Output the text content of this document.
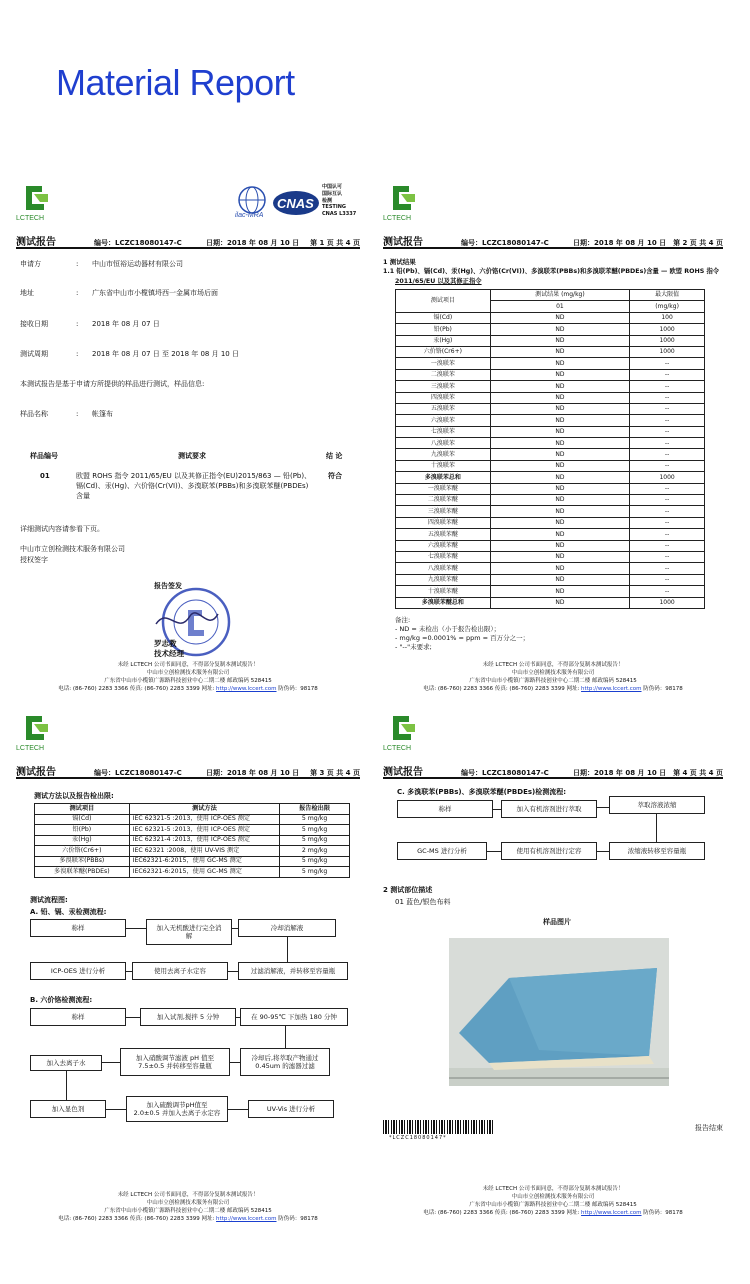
Material Report
LCTECH	ilac-MRA
CNAS
中国认可
国际互认
检测
TESTING
CNAS L3337
测试报告	编号：LCZC18080147-C	日期：2018 年 08 月 10 日 第 1 页 共 4 页
申请方	: 中山市恒裕运动器材有限公司
地址	: 广东省中山市小榄镇埒西一金属市场后面
接收日期	: 2018 年 08 月 07 日
测试周期	: 2018 年 08 月 07 日 至 2018 年 08 月 10 日
本测试报告是基于申请方所提供的样品进行测试，样品信息:
样品名称	: 帐篷布
样品编号	测试要求	结 论
01	欧盟 ROHS 指令 2011/65/EU 以及其修正指令(EU)2015/863 — 铅(Pb)、
镉(Cd)、汞(Hg)、六价铬(Cr(VI))、多溴联苯(PBBs)和多溴联苯醚(PBDEs)
含量
符合
详细测试内容请参看下页。
中山市立创检测技术服务有限公司
授权签字
报告签发
罗志教
技术经理
未经 LCTECH 公司书面同意，不得部分复制本测试报告！
中山市立创检测技术服务有限公司
广东省中山市小榄镇广源路科技创业中心二期二楼 邮政编码 528415
电话: (86-760) 2283 3366 传真: (86-760) 2283 3399 网址: http://www.lccert.com 防伪码：98178
LCTECH
测试报告	编号：LCZC18080147-C	日期：2018 年 08 月 10 日 第 2 页 共 4 页
1 测试结果
1.1 铅(Pb)、镉(Cd)、汞(Hg)、六价铬(Cr(VI))、多溴联苯(PBBs)和多溴联苯醚(PBDEs)含量 — 欧盟 ROHS 指令
2011/65/EU 以及其修正指令
测试项目	测试结果 (mg/kg)	最大限值
	01	(mg/kg)
镉(Cd)	ND	100
铅(Pb)	ND	1000
汞(Hg)	ND	1000
六价铬(Cr6+)	ND	1000
一溴联苯	ND	--
二溴联苯	ND	--
三溴联苯	ND	--
四溴联苯	ND	--
五溴联苯	ND	--
六溴联苯	ND	--
七溴联苯	ND	--
八溴联苯	ND	--
九溴联苯	ND	--
十溴联苯	ND	--
多溴联苯总和	ND	1000
一溴联苯醚	ND	--
二溴联苯醚	ND	--
三溴联苯醚	ND	--
四溴联苯醚	ND	--
五溴联苯醚	ND	--
六溴联苯醚	ND	--
七溴联苯醚	ND	--
八溴联苯醚	ND	--
九溴联苯醚	ND	--
十溴联苯醚	ND	--
多溴联苯醚总和	ND	1000
备注:
- ND = 未检出（小于报告检出限）；
- mg/kg =0.0001% = ppm = 百万分之一；
- "--"未要求;
未经 LCTECH 公司书面同意，不得部分复制本测试报告！
中山市立创检测技术服务有限公司
广东省中山市小榄镇广源路科技创业中心二期二楼 邮政编码 528415
电话: (86-760) 2283 3366 传真: (86-760) 2283 3399 网址: http://www.lccert.com 防伪码：98178
LCTECH
测试报告	编号：LCZC18080147-C	日期：2018 年 08 月 10 日 第 3 页 共 4 页
测试方法以及报告检出限:
测试项目	测试方法	报告检出限
镉(Cd)	IEC 62321-5 :2013，使用 ICP-OES 测定	5 mg/kg
铅(Pb)	IEC 62321-5 :2013，使用 ICP-OES 测定	5 mg/kg
汞(Hg)	IEC 62321-4 :2013，使用 ICP-OES 测定	5 mg/kg
六价铬(Cr6+)	IEC 62321 :2008，使用 UV-VIS 测定	2 mg/kg
多溴联苯(PBBs)	IEC62321-6:2015，使用 GC-MS 测定	5 mg/kg
多溴联苯醚(PBDEs)	IEC62321-6:2015，使用 GC-MS 测定	5 mg/kg
测试流程图:
A. 铅、镉、汞检测流程:
称样	加入无机酸进行完全消解
冷却消解液
过滤消解液，并转移至容量瓶
使用去离子水定容
ICP-OES 进行分析
B. 六价铬检测流程:
称样	加入试剂,搅拌 5 分钟	在 90-95℃ 下加热 180 分钟
冷却后,将萃取产物通过 0.45um 的滤器过滤
加入硝酸调节滤液 pH 值至 7.5±0.5 并转移至容量瓶
加入去离子水
加入显色剂
加入硫酸调节pH值至 2.0±0.5 并加入去离子水定容
UV-Vis 进行分析
未经 LCTECH 公司书面同意，不得部分复制本测试报告！
中山市立创检测技术服务有限公司
广东省中山市小榄镇广源路科技创业中心二期二楼 邮政编码 528415
电话: (86-760) 2283 3366 传真: (86-760) 2283 3399 网址: http://www.lccert.com 防伪码：98178
LCTECH
测试报告	编号：LCZC18080147-C	日期：2018 年 08 月 10 日 第 4 页 共 4 页
C. 多溴联苯(PBBs)、多溴联苯醚(PBDEs)检测流程:
称样	加入有机溶剂进行萃取	萃取溶液浓缩
浓缩液转移至容量瓶
使用有机溶剂进行定容
GC-MS 进行分析
2 测试部位描述
01 蓝色/银色布料
样品图片
*LCZC18080147*
报告结束
未经 LCTECH 公司书面同意，不得部分复制本测试报告！
中山市立创检测技术服务有限公司
广东省中山市小榄镇广源路科技创业中心二期二楼 邮政编码 528415
电话: (86-760) 2283 3366 传真: (86-760) 2283 3399 网址: http://www.lccert.com 防伪码：98178
